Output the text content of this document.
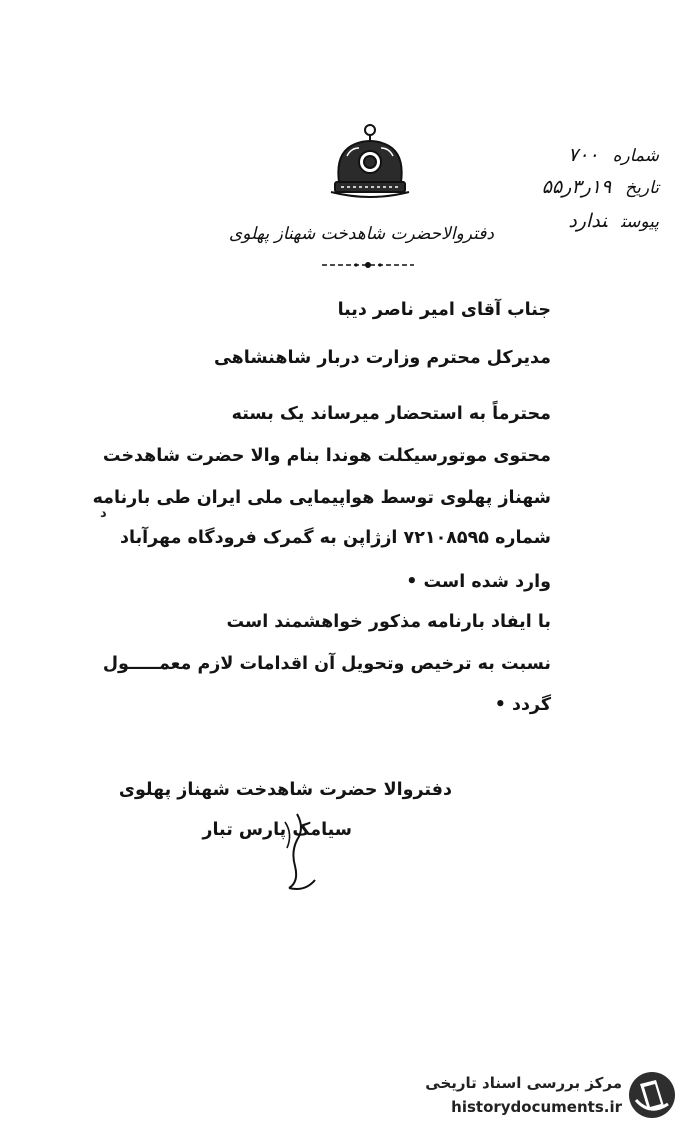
دفتروالاحضرت شاهدخت شهناز پهلوی
شماره۷۰۰
تاریخ۱۹ر۳ر۵۵
پیوستندارد
جناب آقای امیر ناصر دیبا
مدیرکل محترم وزارت دربار شاهنشاهی
محترماً به استحضار میرساند یک بسته
محتوی موتورسیکلت هوندا بنام والا حضرت شاهدخت
شهناز پهلوی توسط هواپیمایی ملی ایران طی بارنامه
د
شماره ۷۲۱۰۸۵۹۵ ازژاپن به گمرک فرودگاه مهرآباد
وارد شده است •
با ایفاد بارنامه مذکور خواهشمند است
نسبت به ترخیص وتحویل آن اقدامات لازم معمـــــول
گردد •
دفتروالا حضرت شاهدخت شهناز پهلوی
سیامک پارس تبار
مرکز بررسی اسناد تاریخی
historydocuments.ir
